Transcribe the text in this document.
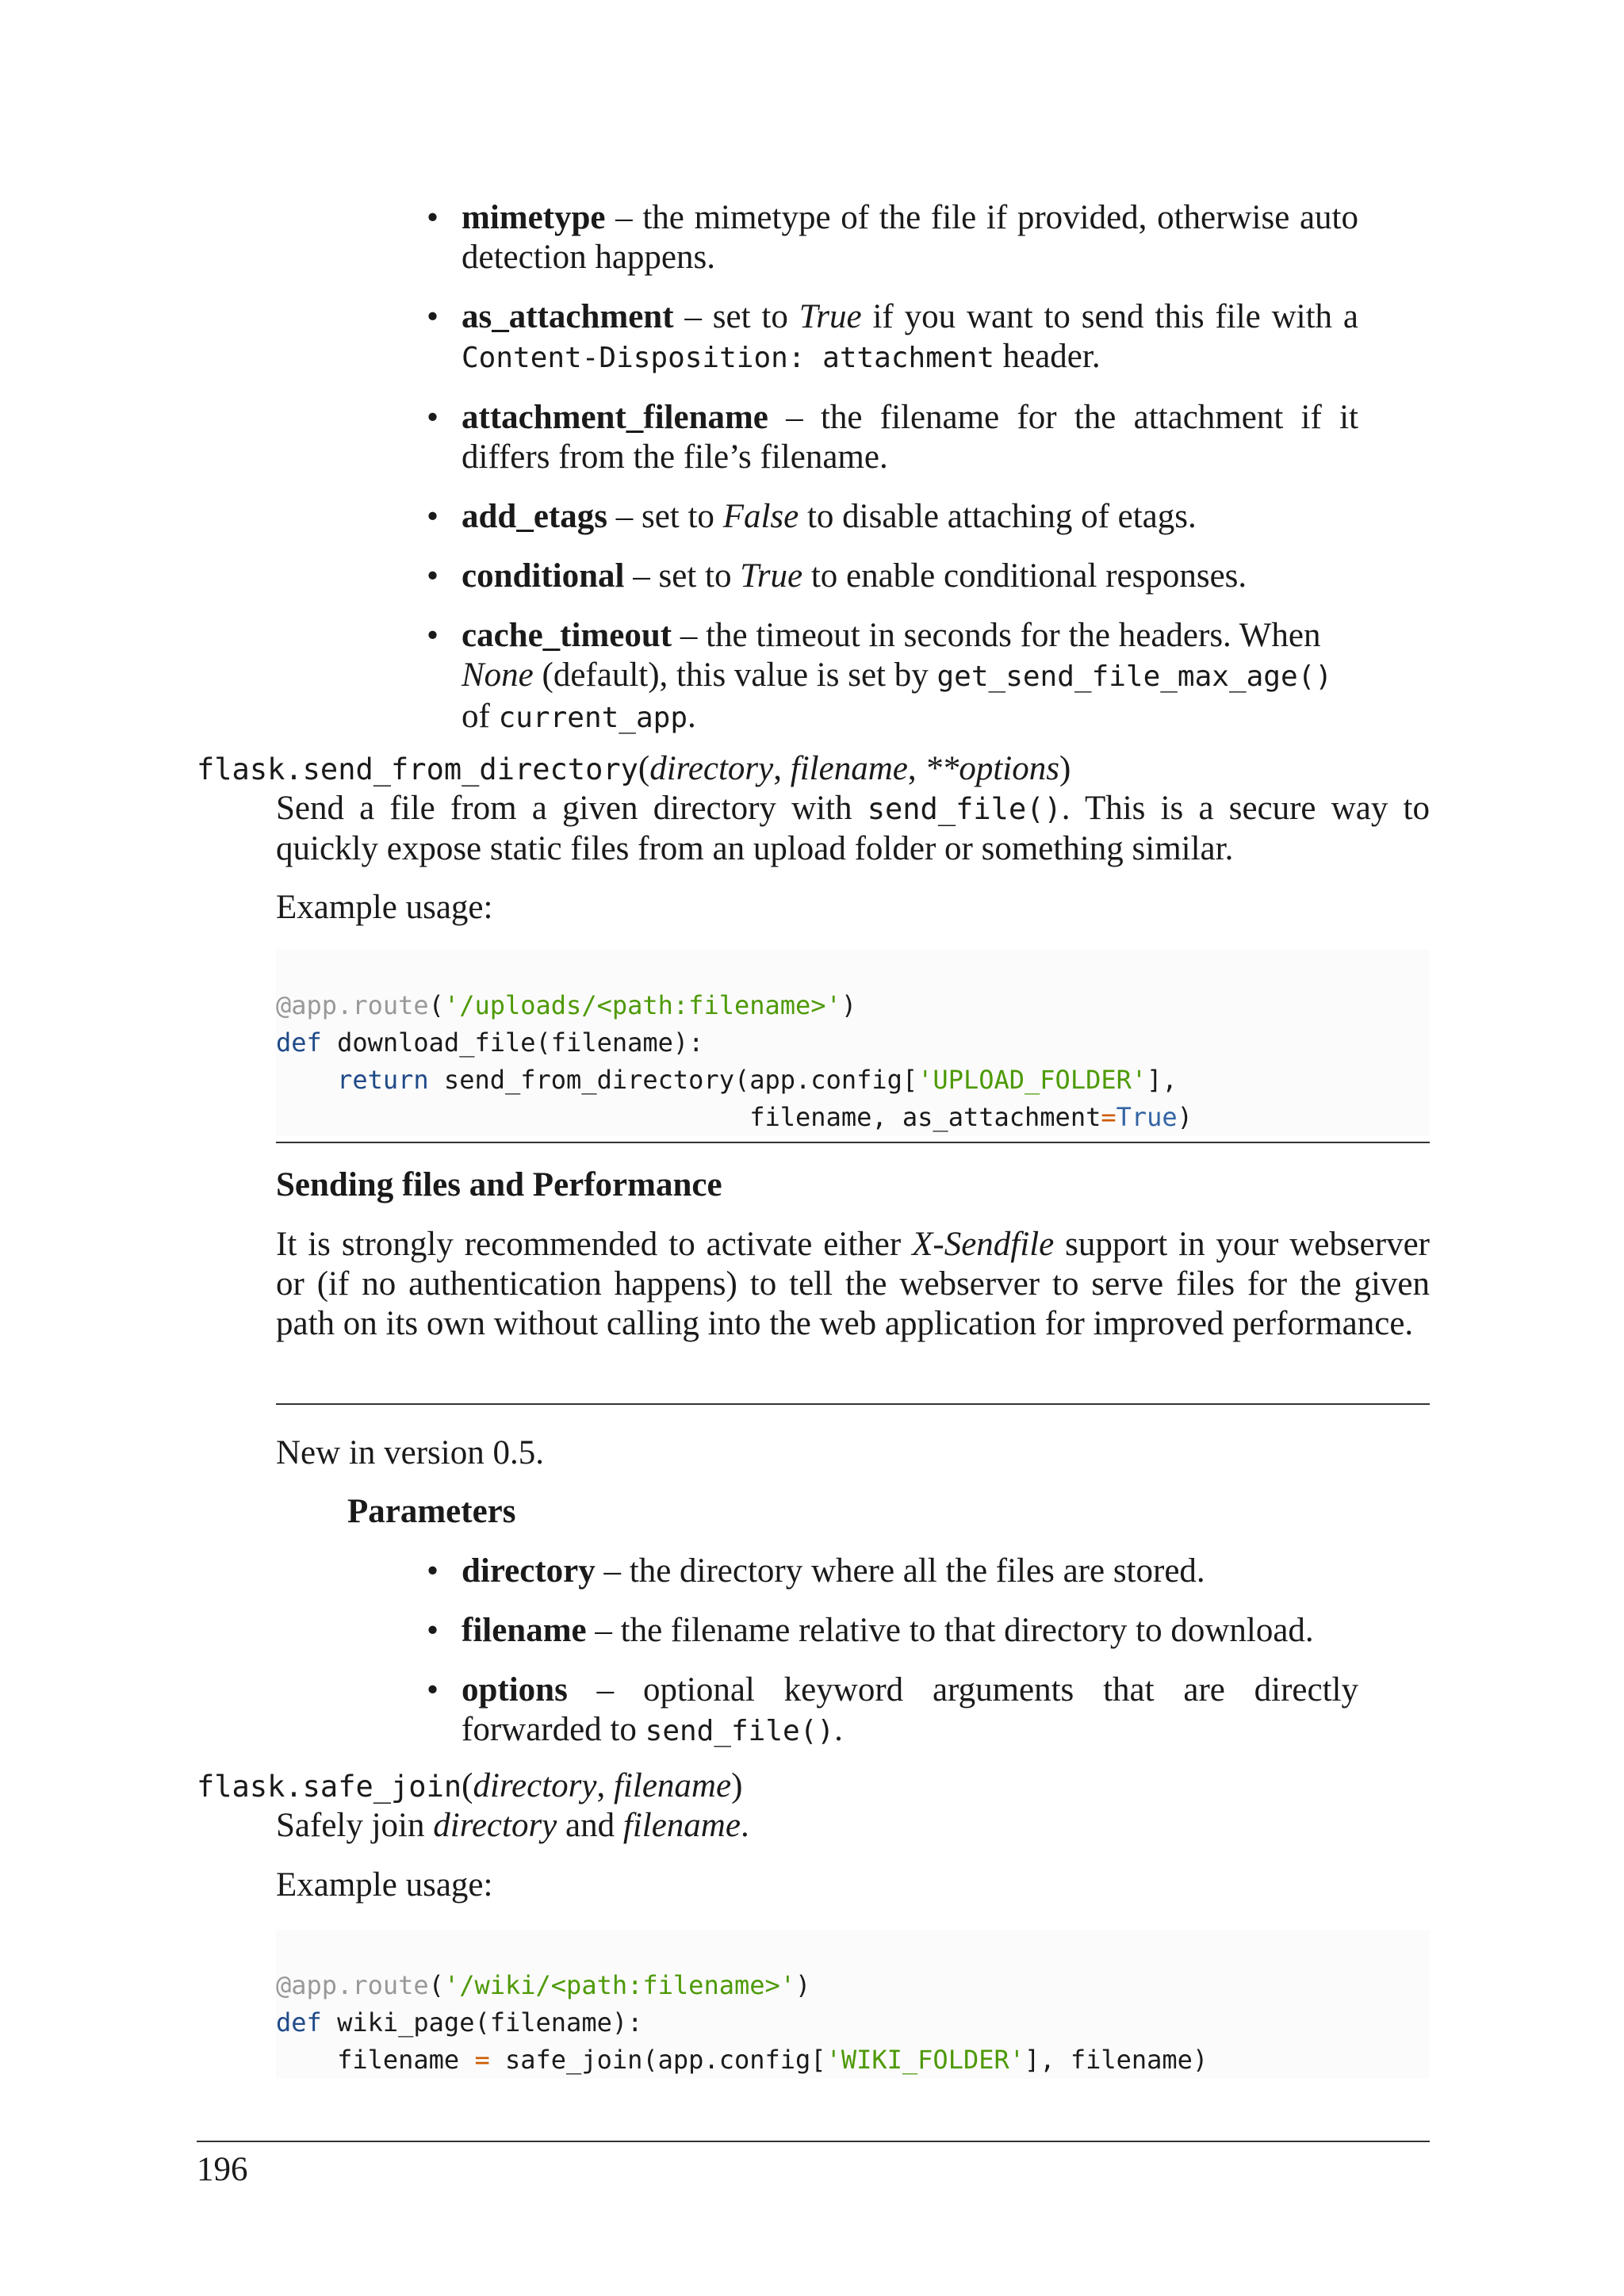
• mimetype – the mimetype of the file if provided, otherwise auto detection happens.
• as_attachment – set to True if you want to send this file with a Content-Disposition: attachment header.
• attachment_filename – the filename for the attachment if it differs from the file’s filename.
• add_etags – set to False to disable attaching of etags.
• conditional – set to True to enable conditional responses.
• cache_timeout – the timeout in seconds for the headers. When None (default), this value is set by get_send_file_max_age() of current_app.
flask.send_from_directory(directory, filename, **options)
Send a file from a given directory with send_file(). This is a secure way to quickly expose static files from an upload folder or something similar.
Example usage:

@app.route('/uploads/<path:filename>')
def download_file(filename):
return send_from_directory(app.config['UPLOAD_FOLDER'],
filename, as_attachment=True)
Sending files and Performance
It is strongly recommended to activate either X-Sendfile support in your webserver or (if no authentication happens) to tell the webserver to serve files for the given path on its own without calling into the web application for improved performance.
New in version 0.5.
Parameters
• directory – the directory where all the files are stored.
• filename – the filename relative to that directory to download.
• options – optional keyword arguments that are directly forwarded to send_file().
flask.safe_join(directory, filename)
Safely join directory and filename.
Example usage:

@app.route('/wiki/<path:filename>')
def wiki_page(filename):
filename = safe_join(app.config['WIKI_FOLDER'], filename)
196
